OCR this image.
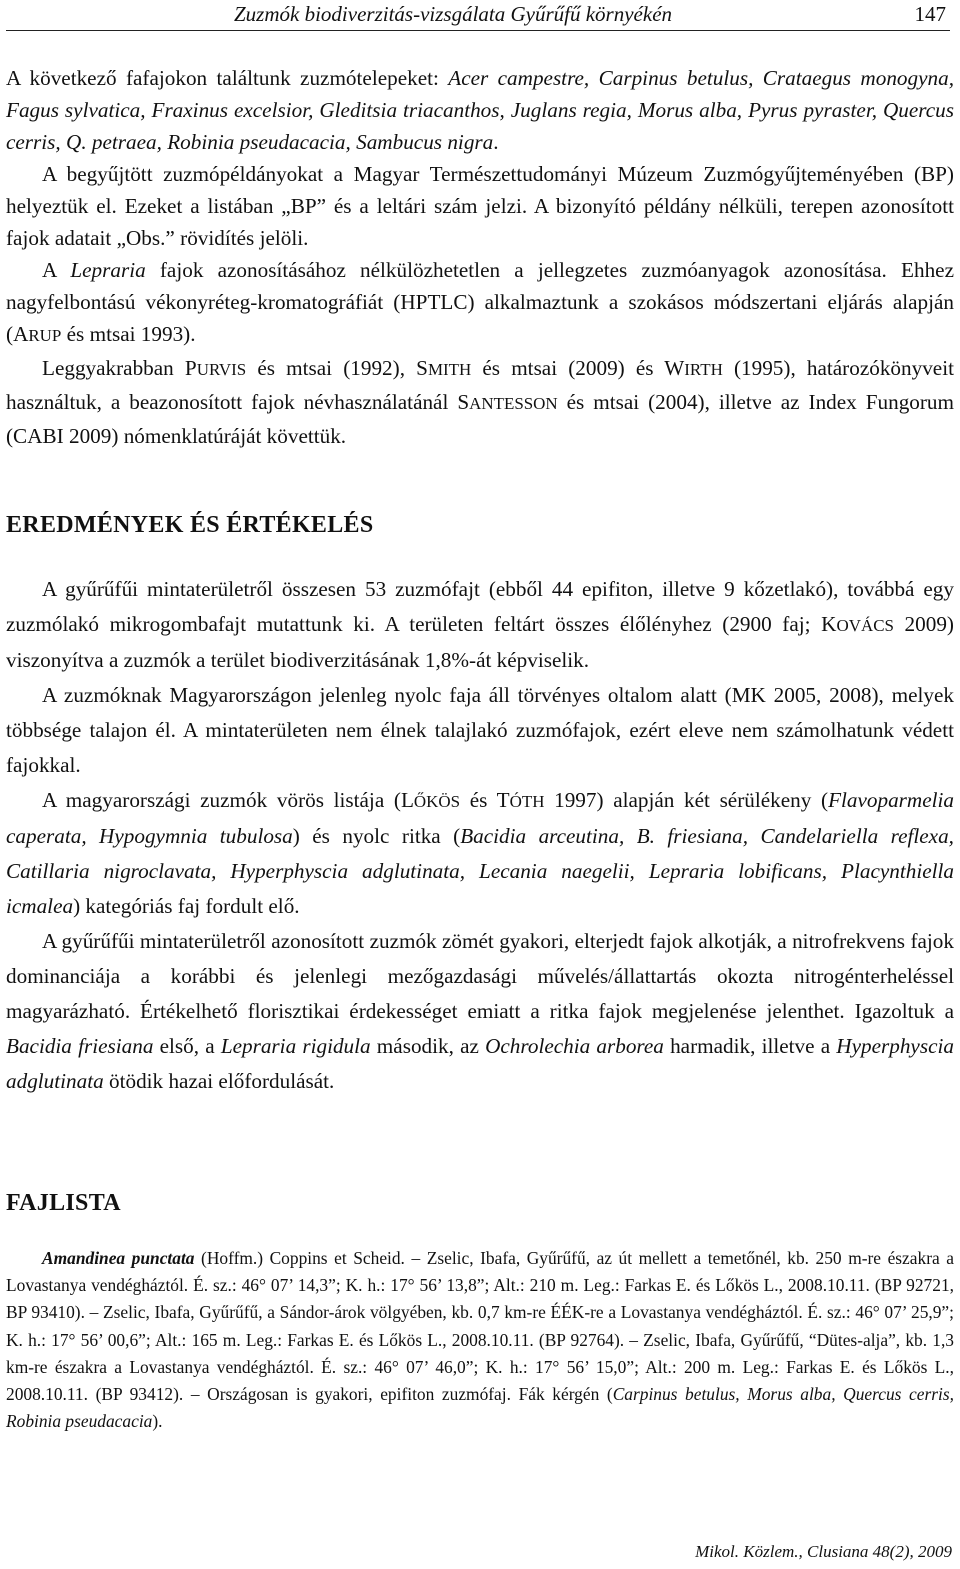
Zuzmók biodiverzitás-vizsgálata Gyűrűfű környékén	147

A következő fafajokon találtunk zuzmótelepeket: Acer campestre, Carpinus betulus, Crataegus monogyna, Fagus sylvatica, Fraxinus excelsior, Gleditsia triacanthos, Juglans regia, Morus alba, Pyrus pyraster, Quercus cerris, Q. petraea, Robinia pseudacacia, Sambucus nigra.

A begyűjtött zuzmópéldányokat a Magyar Természettudományi Múzeum Zuzmógyűjteményében (BP) helyeztük el. Ezeket a listában „BP” és a leltári szám jelzi. A bizonyító példány nélküli, terepen azonosított fajok adatait „Obs.” rövidítés jelöli.

A Lepraria fajok azonosításához nélkülözhetetlen a jellegzetes zuzmóanyagok azonosítása. Ehhez nagyfelbontású vékonyréteg-kromatográfiát (HPTLC) alkalmaztunk a szokásos módszertani eljárás alapján (ARUP és mtsai 1993).

Leggyakrabban PURVIS és mtsai (1992), SMITH és mtsai (2009) és WIRTH (1995), határozókönyveit használtuk, a beazonosított fajok névhasználatánál SANTESSON és mtsai (2004), illetve az Index Fungorum (CABI 2009) nómenklatúráját követtük.

EREDMÉNYEK ÉS ÉRTÉKELÉS

A gyűrűfűi mintaterületről összesen 53 zuzmófajt (ebből 44 epifiton, illetve 9 kőzetlakó), továbbá egy zuzmólakó mikrogombafajt mutattunk ki. A területen feltárt összes élőlényhez (2900 faj; KOVÁCS 2009) viszonyítva a zuzmók a terület biodiverzitásának 1,8%-át képviselik.

A zuzmóknak Magyarországon jelenleg nyolc faja áll törvényes oltalom alatt (MK 2005, 2008), melyek többsége talajon él. A mintaterületen nem élnek talajlakó zuzmófajok, ezért eleve nem számolhatunk védett fajokkal.

A magyarországi zuzmók vörös listája (LŐKÖS és TÓTH 1997) alapján két sérülékeny (Flavoparmelia caperata, Hypogymnia tubulosa) és nyolc ritka (Bacidia arceutina, B. friesiana, Candelariella reflexa, Catillaria nigroclavata, Hyperphyscia adglutinata, Lecania naegelii, Lepraria lobificans, Placynthiella icmalea) kategóriás faj fordult elő.

A gyűrűfűi mintaterületről azonosított zuzmók zömét gyakori, elterjedt fajok alkotják, a nitrofrekvens fajok dominanciája a korábbi és jelenlegi mezőgazdasági művelés/állattartás okozta nitrogénterheléssel magyarázható. Értékelhető florisztikai érdekességet emiatt a ritka fajok megjelenése jelenthet. Igazoltuk a Bacidia friesiana első, a Lepraria rigidula második, az Ochrolechia arborea harmadik, illetve a Hyperphyscia adglutinata ötödik hazai előfordulását.

FAJLISTA

Amandinea punctata (Hoffm.) Coppins et Scheid. – Zselic, Ibafa, Gyűrűfű, az út mellett a temetőnél, kb. 250 m-re északra a Lovastanya vendégháztól. É. sz.: 46° 07’ 14,3”; K. h.: 17° 56’ 13,8”; Alt.: 210 m. Leg.: Farkas E. és Lőkös L., 2008.10.11. (BP 92721, BP 93410). – Zselic, Ibafa, Gyűrűfű, a Sándor-árok völgyében, kb. 0,7 km-re ÉÉK-re a Lovastanya vendégháztól. É. sz.: 46° 07’ 25,9”; K. h.: 17° 56’ 00,6”; Alt.: 165 m. Leg.: Farkas E. és Lőkös L., 2008.10.11. (BP 92764). – Zselic, Ibafa, Gyűrűfű, “Dütes-alja”, kb. 1,3 km-re északra a Lovastanya vendégháztól. É. sz.: 46° 07’ 46,0”; K. h.: 17° 56’ 15,0”; Alt.: 200 m. Leg.: Farkas E. és Lőkös L., 2008.10.11. (BP 93412). – Országosan is gyakori, epifiton zuzmófaj. Fák kérgén (Carpinus betulus, Morus alba, Quercus cerris, Robinia pseudacacia).

Mikol. Közlem., Clusiana 48(2), 2009
